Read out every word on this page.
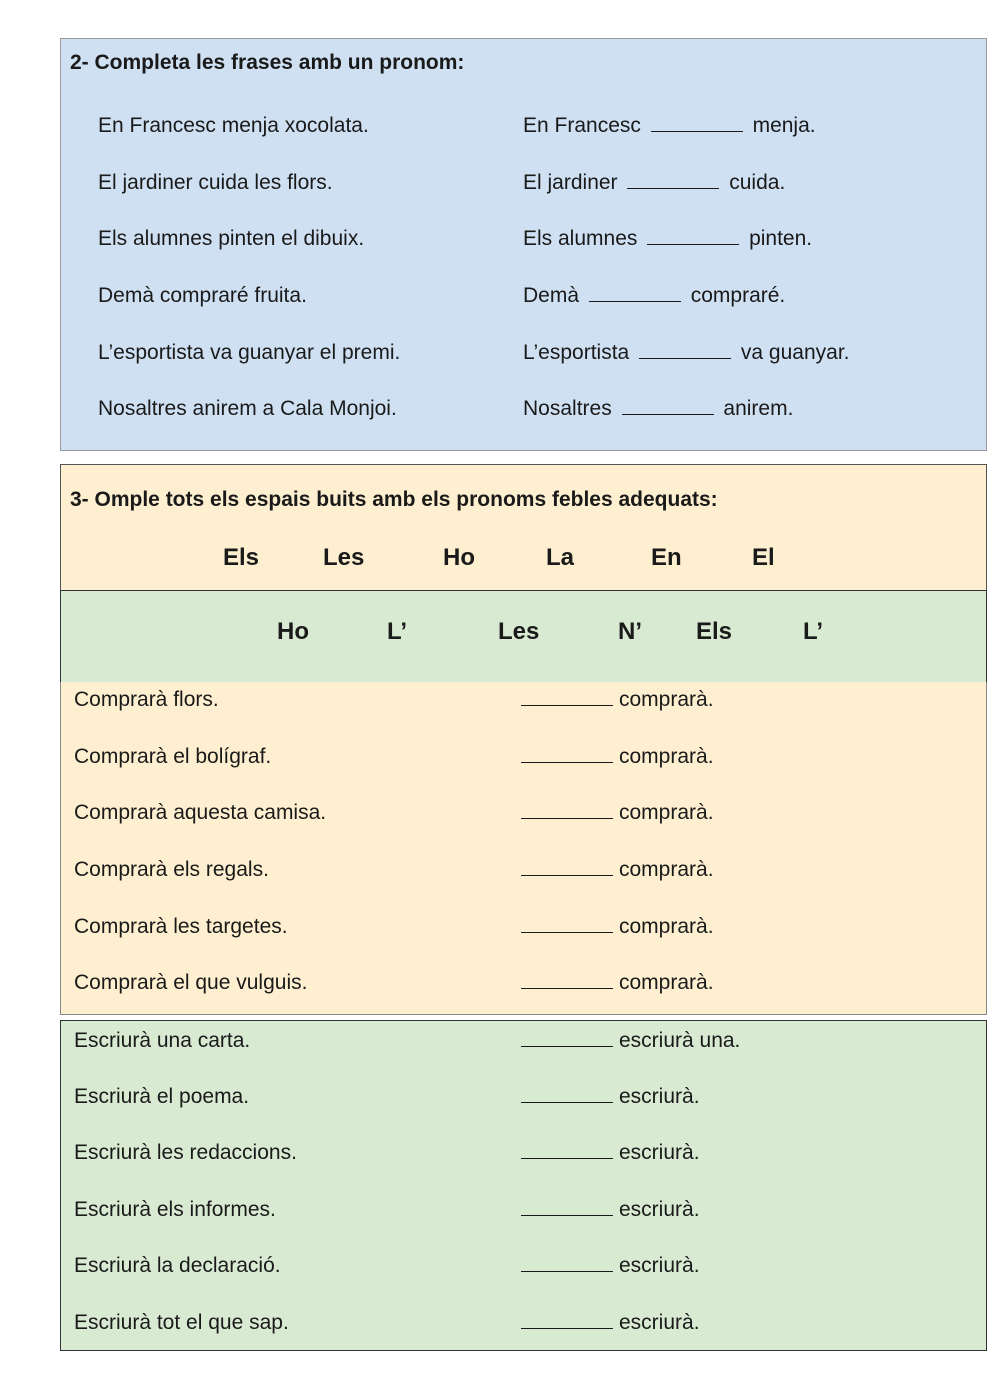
2- Completa les frases amb un pronom:
En Francesc menja xocolata.	En Francesc	menja.
El jardiner cuida les flors.	El jardiner	cuida.
Els alumnes pinten el dibuix.	Els alumnes	pinten.
Demà compraré fruita.	Demà	compraré.
L’esportista va guanyar el premi.	L’esportista	va guanyar.
Nosaltres anirem a Cala Monjoi.	Nosaltres	anirem.
3- Omple tots els espais buits amb els pronoms febles adequats:
Els	Les	Ho	La	En	El
Ho	L’	Les	N’ Els	L’
Comprarà flors.	comprarà.
Comprarà el bolígraf.	comprarà.
Comprarà aquesta camisa.	comprarà.
Comprarà els regals.	comprarà.
Comprarà les targetes.	comprarà.
Comprarà el que vulguis.	comprarà.
Escriurà una carta.	escriurà una.
Escriurà el poema.	escriurà.
Escriurà les redaccions.	escriurà.
Escriurà els informes.	escriurà.
Escriurà la declaració.	escriurà.
Escriurà tot el que sap.	escriurà.
